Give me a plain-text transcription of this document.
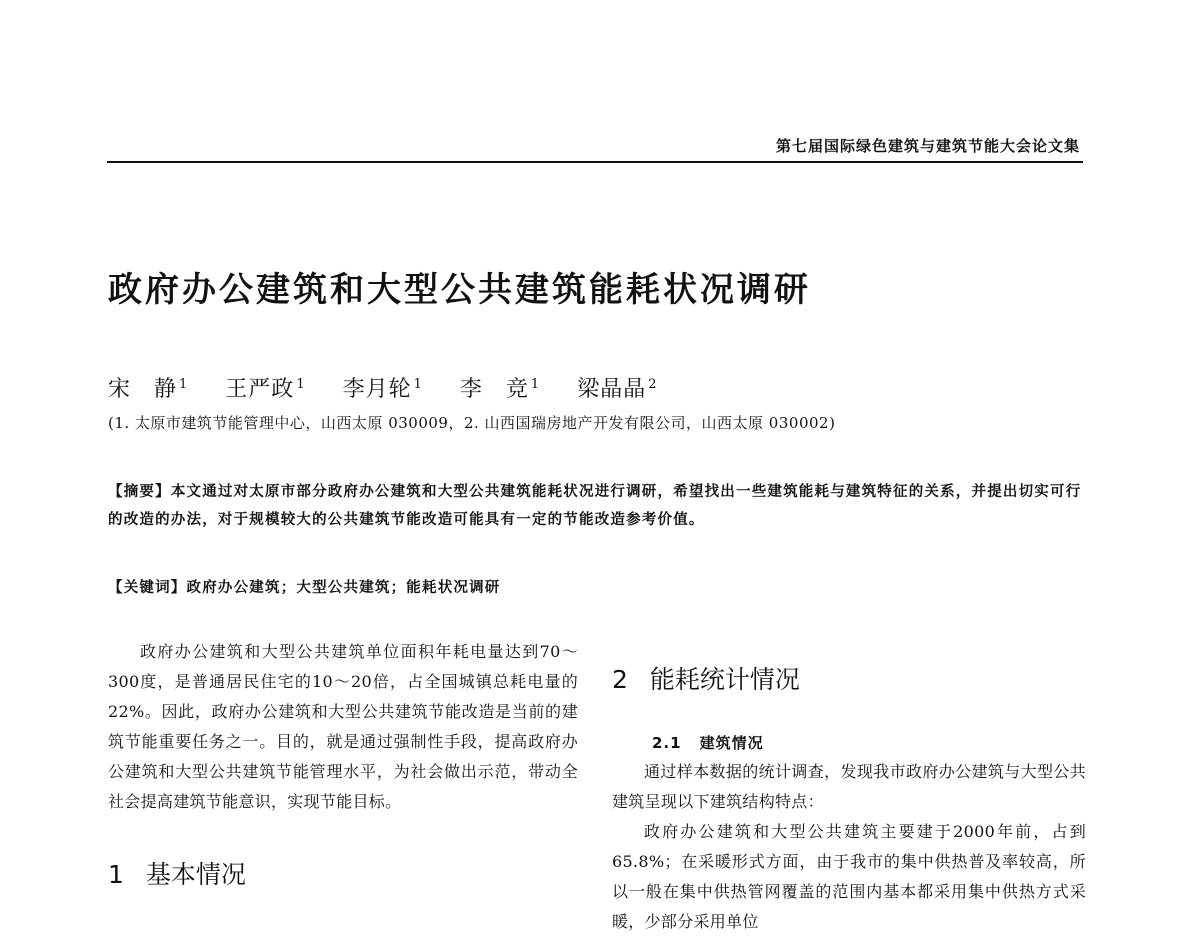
第七届国际绿色建筑与建筑节能大会论文集
政府办公建筑和大型公共建筑能耗状况调研
宋　静 $^1$ 王严政 $^1$ 李月轮 $^1$ 李　竞 $^1$ 梁晶晶 $^2$
(1. 太原市建筑节能管理中心，山西太原 030009，2. 山西国瑞房地产开发有限公司，山西太原 030002)
【摘要】本文通过对太原市部分政府办公建筑和大型公共建筑能耗状况进行调研，希望找出一些建筑能耗与建筑特征的关系，并提出切实可行的改造的办法，对于规模较大的公共建筑节能改造可能具有一定的节能改造参考价值。
【关键词】政府办公建筑；大型公共建筑；能耗状况调研

政府办公建筑和大型公共建筑单位面积年耗电量达到70～300度，是普通居民住宅的10～20倍，占全国城镇总耗电量的22%。因此，政府办公建筑和大型公共建筑节能改造是当前的建筑节能重要任务之一。目的，就是通过强制性手段，提高政府办公建筑和大型公共建筑节能管理水平，为社会做出示范，带动全社会提高建筑节能意识，实现节能目标。

1 基本情况
2 能耗统计情况
2.1 建筑情况

通过样本数据的统计调查，发现我市政府办公建筑与大型公共建筑呈现以下建筑结构特点：

政府办公建筑和大型公共建筑主要建于2000年前，占到65.8%；在采暖形式方面，由于我市的集中供热普及率较高，所以一般在集中供热管网覆盖的范围内基本都采用集中供热方式采暖，少部分采用单位
